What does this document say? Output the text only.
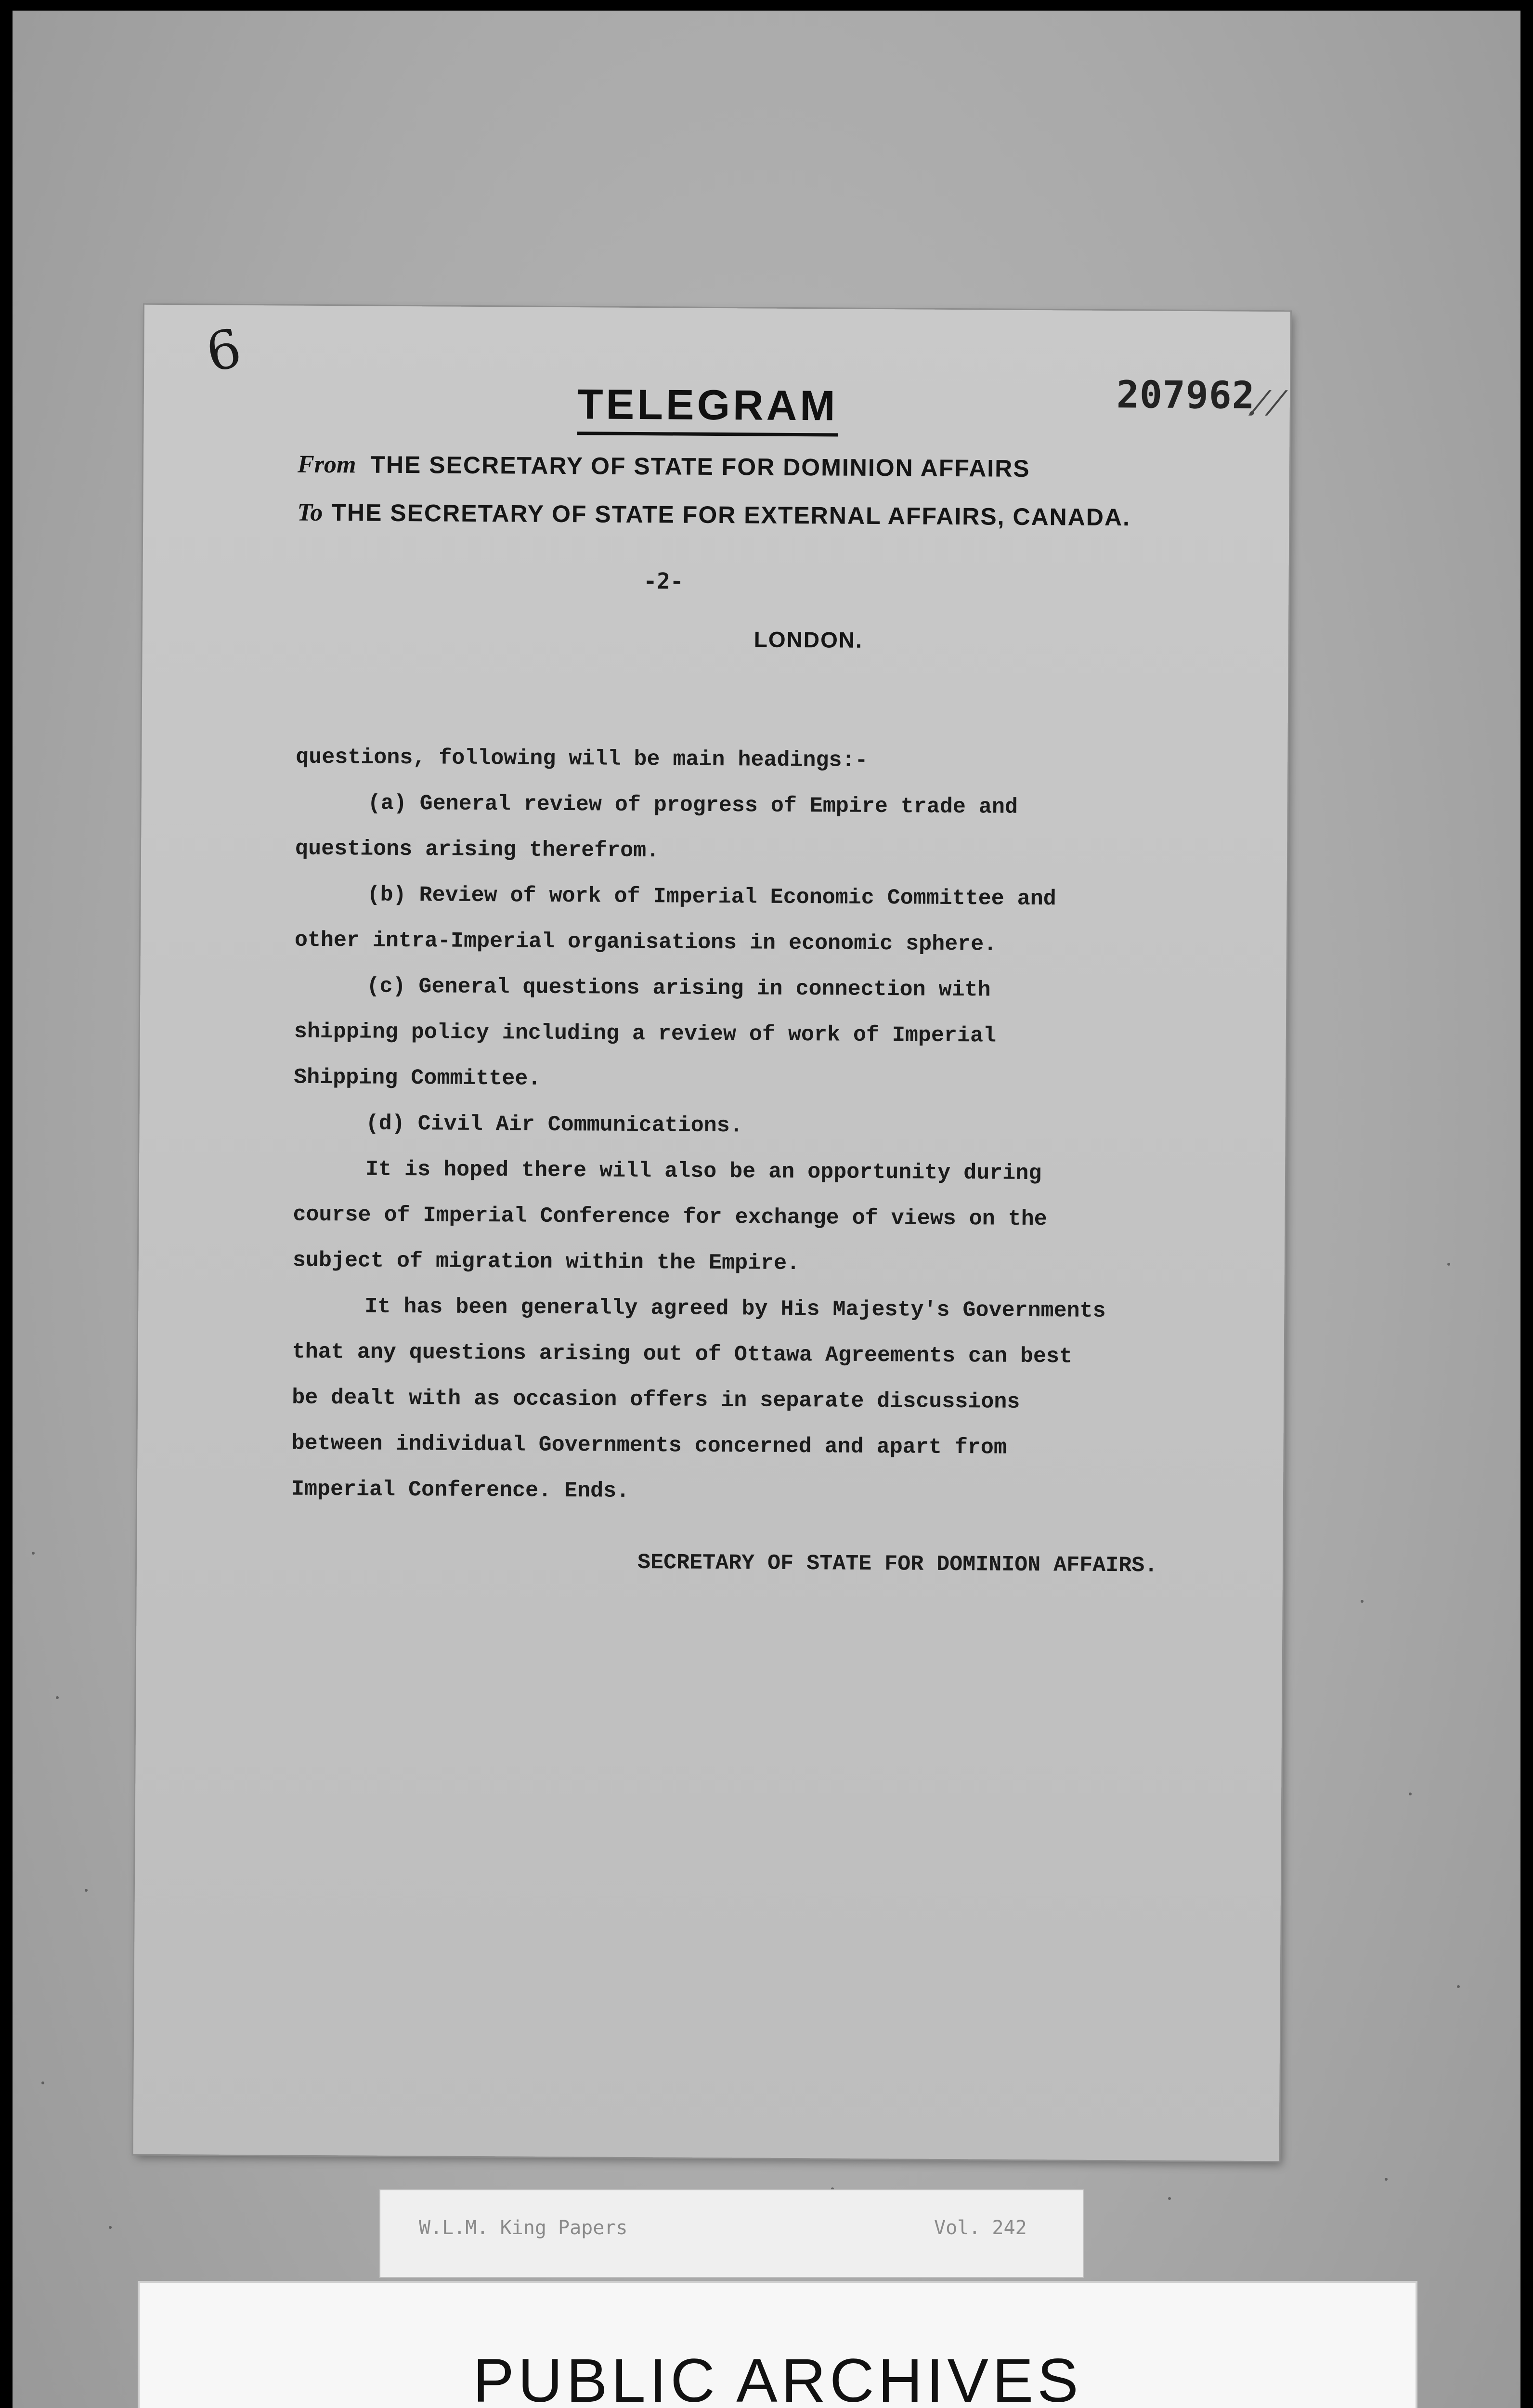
6
TELEGRAM	207962
.⁄ ⁄
From THE SECRETARY OF STATE FOR DOMINION AFFAIRS
To THE SECRETARY OF STATE FOR EXTERNAL AFFAIRS, CANADA.
-2-
LONDON.

questions, following will be main headings:-

(a) General review of progress of Empire trade and

questions arising therefrom.

(b) Review of work of Imperial Economic Committee and

other intra-Imperial organisations in economic sphere.

(c) General questions arising in connection with

shipping policy including a review of work of Imperial

Shipping Committee.

(d) Civil Air Communications.

It is hoped there will also be an opportunity during

course of Imperial Conference for exchange of views on the

subject of migration within the Empire.

It has been generally agreed by His Majesty's Governments

that any questions arising out of Ottawa Agreements can best

be dealt with as occasion offers in separate discussions

between individual Governments concerned and apart from

Imperial Conference. Ends.

SECRETARY OF STATE FOR DOMINION AFFAIRS.
W.L.M. King Papers	Vol. 242
PUBLIC ARCHIVES
